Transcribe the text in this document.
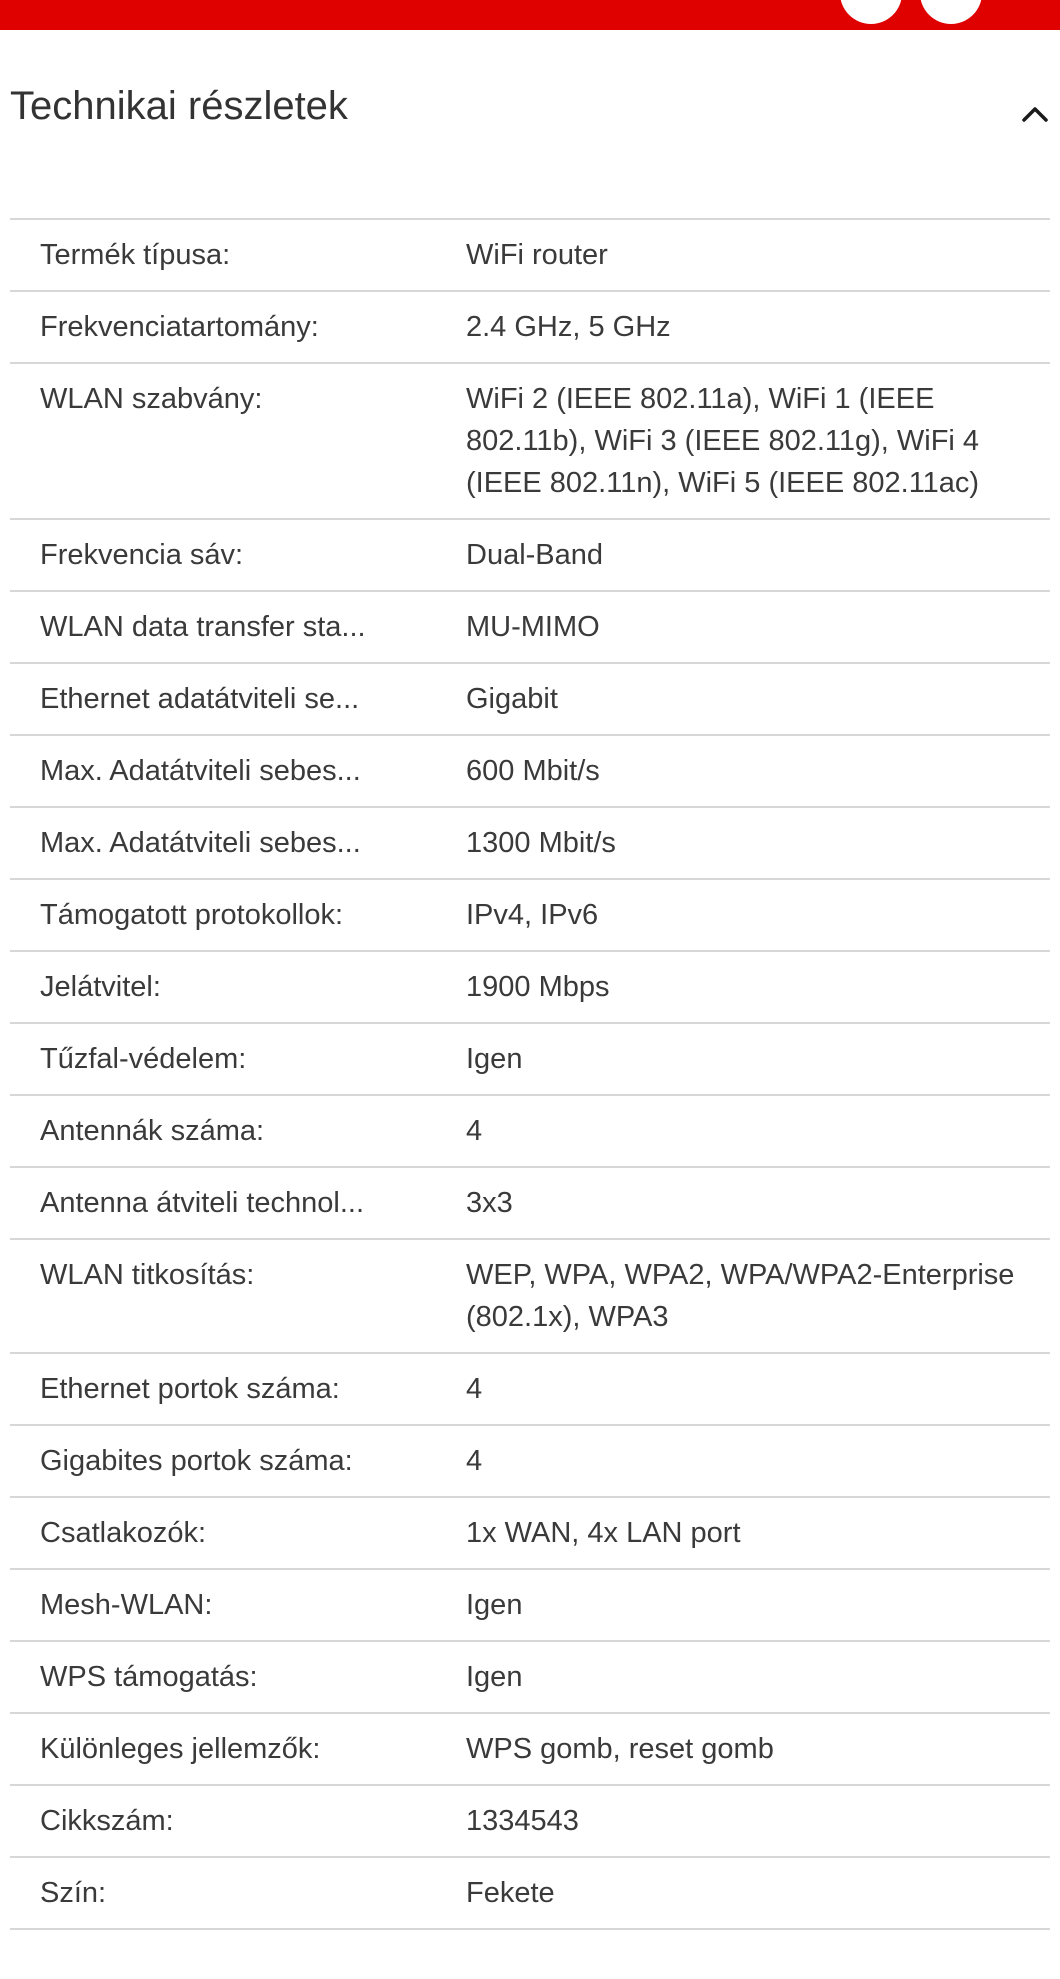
Technikai részletek
Termék típusa:	WiFi router
Frekvenciatartomány:	2.4 GHz, 5 GHz
WLAN szabvány:	WiFi 2 (IEEE 802.11a), WiFi 1 (IEEE 802.11b), WiFi 3 (IEEE 802.11g), WiFi 4 (IEEE 802.11n), WiFi 5 (IEEE 802.11ac)
Frekvencia sáv:	Dual-Band
WLAN data transfer sta...	MU-MIMO
Ethernet adatátviteli se...	Gigabit
Max. Adatátviteli sebes...	600 Mbit/s
Max. Adatátviteli sebes...	1300 Mbit/s
Támogatott protokollok:	IPv4, IPv6
Jelátvitel:	1900 Mbps
Tűzfal-védelem:	Igen
Antennák száma:	4
Antenna átviteli technol...	3x3
WLAN titkosítás:	WEP, WPA, WPA2, WPA/WPA2-Enterprise (802.1x), WPA3
Ethernet portok száma:	4
Gigabites portok száma:	4
Csatlakozók:	1x WAN, 4x LAN port
Mesh-WLAN:	Igen
WPS támogatás:	Igen
Különleges jellemzők:	WPS gomb, reset gomb
Cikkszám:	1334543
Szín:	Fekete
